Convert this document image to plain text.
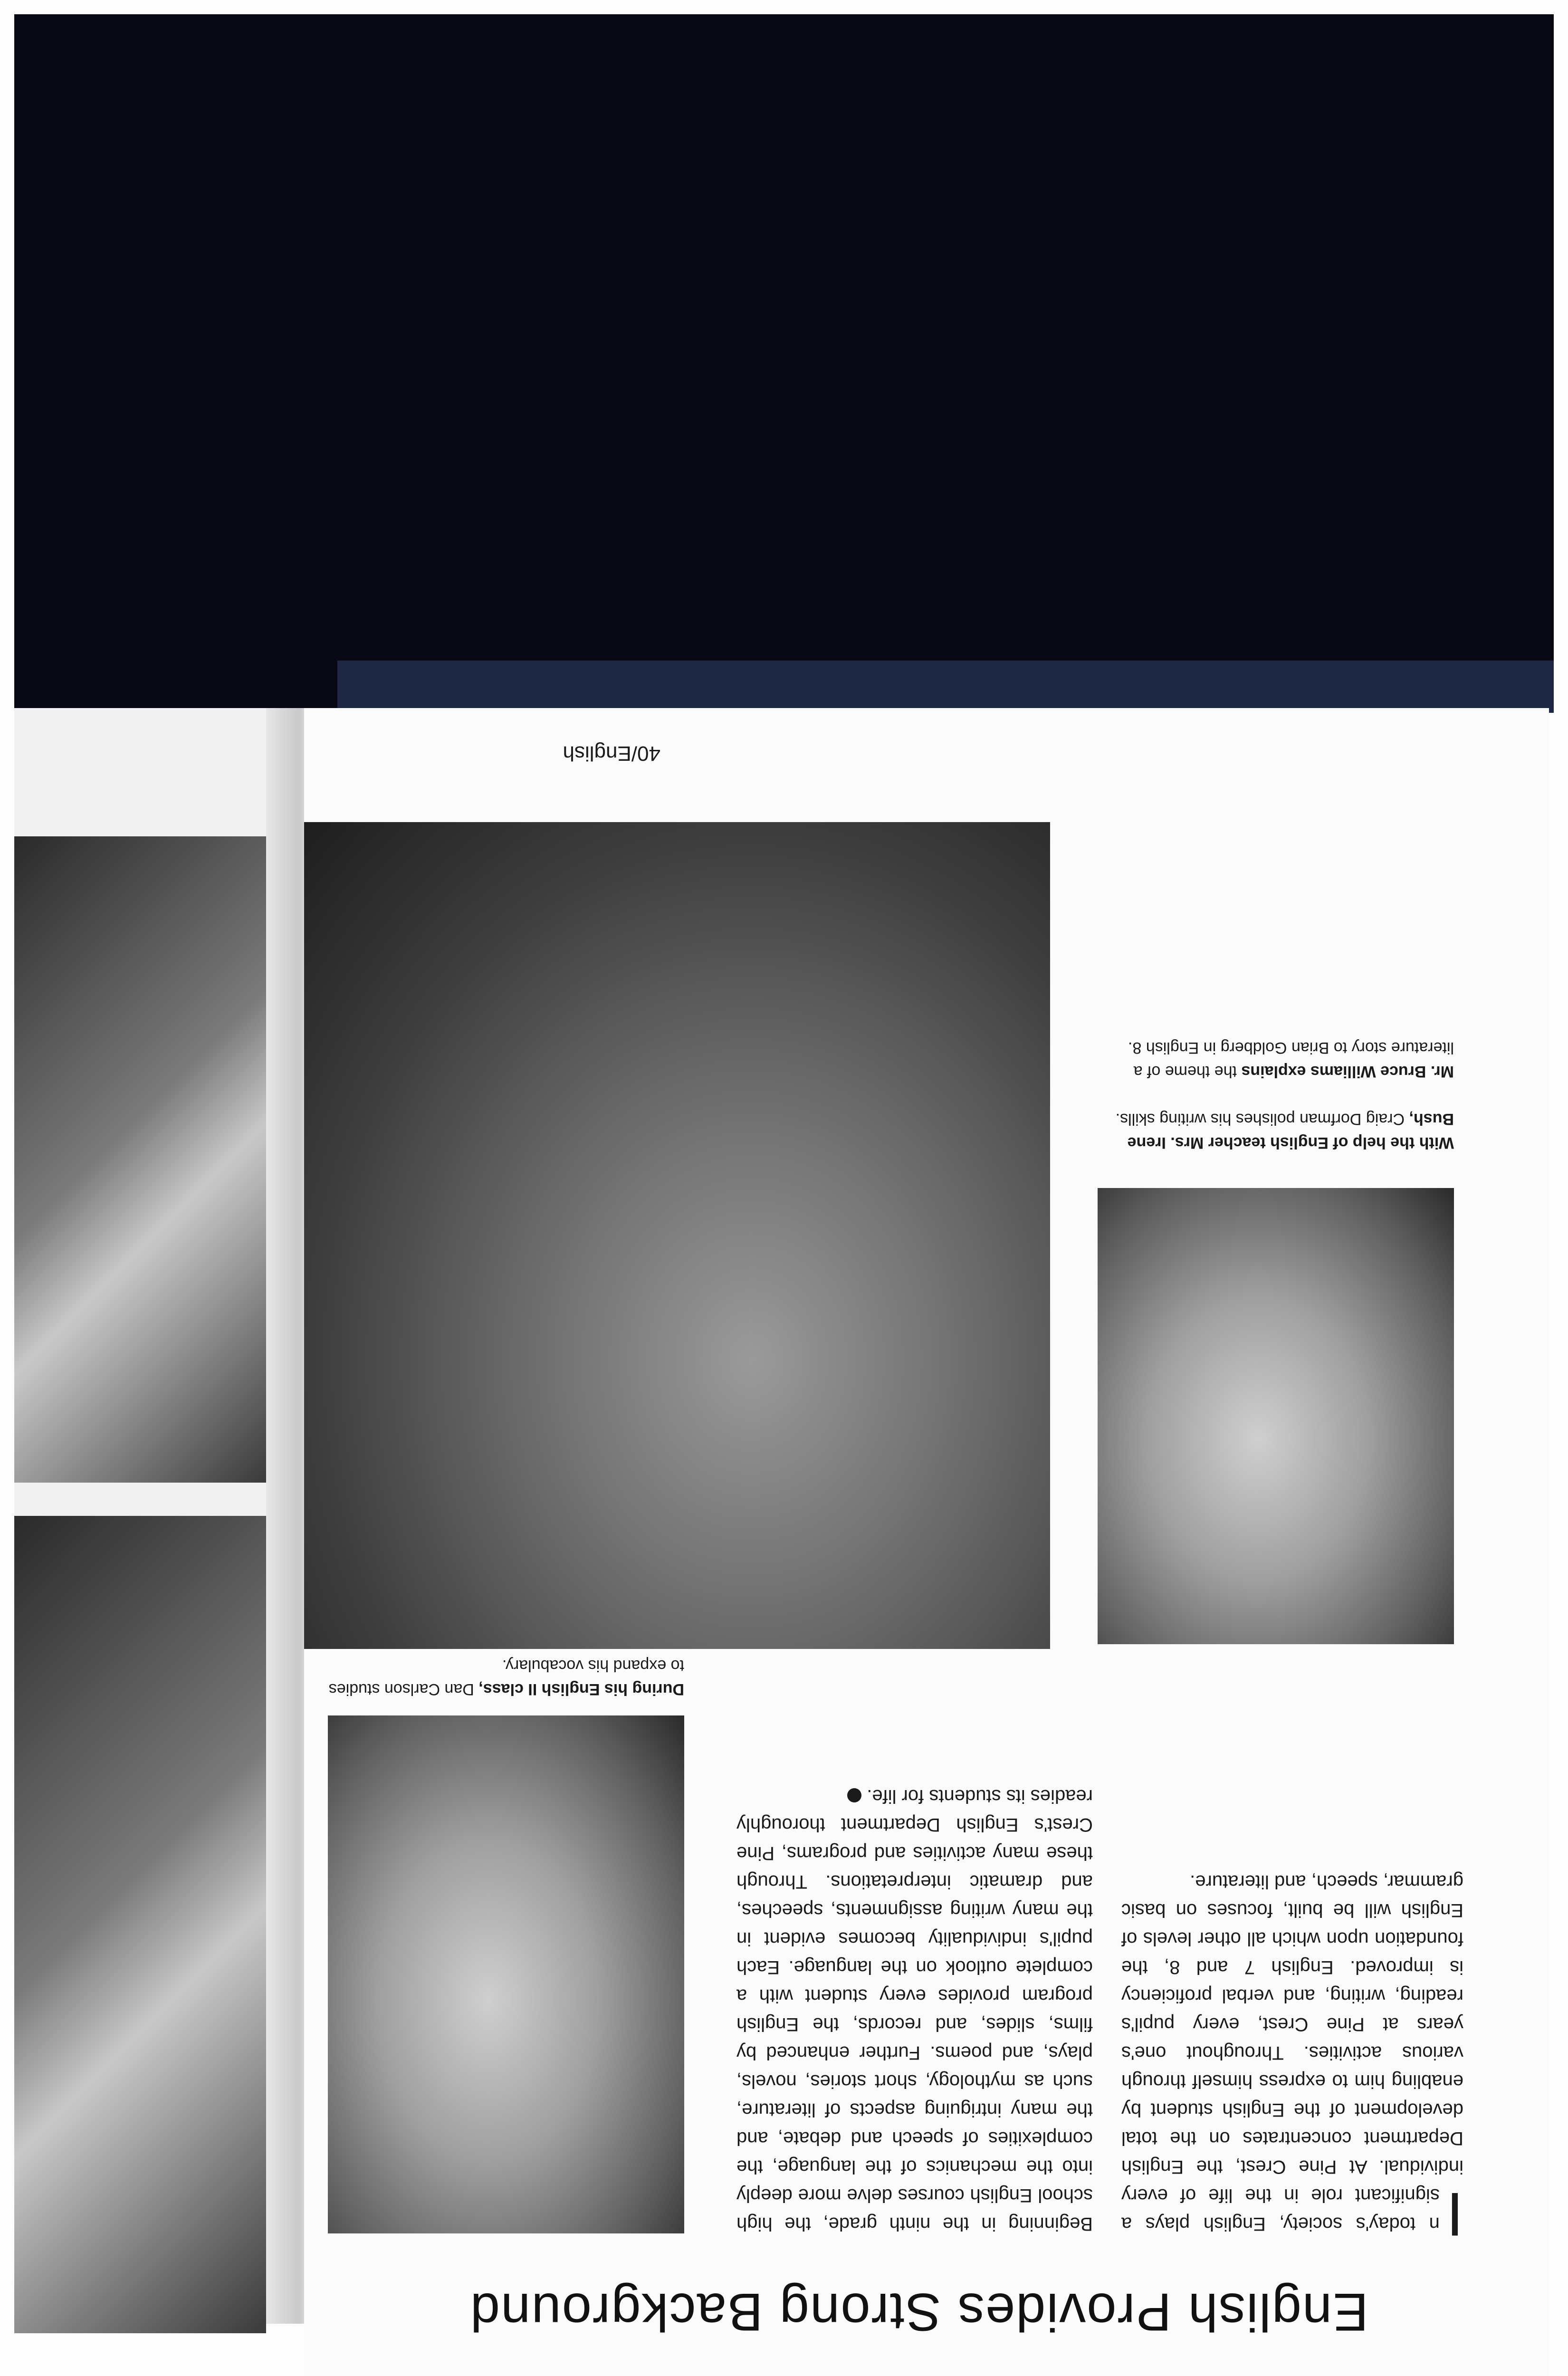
English Provides Strong Background

I
n today's society, English plays a significant role in the life of every individual. At Pine Crest, the English Department concentrates on the total development of the English student by enabling him to express himself through various activities. Throughout one's years at Pine Crest, every pupil's reading, writing, and verbal proficiency is improved. English 7 and 8, the foundation upon which all other levels of English will be built, focuses on basic grammar, speech, and literature.

Beginning in the ninth grade, the high school English courses delve more deeply into the mechanics of the language, the complexities of speech and debate, and the many intriguing aspects of literature, such as mythology, short stories, novels, plays, and poems. Further enhanced by films, slides, and records, the English program provides every student with a complete outlook on the language. Each pupil's individuality becomes evident in the many writing assignments, speeches, and dramatic interpretations. Through these many activities and programs, Pine Crest's English Department thoroughly readies its students for life.

During his English II class, Dan Carlson studies to expand his vocabulary.
With the help of English teacher Mrs. Irene Bush, Craig Dorfman polishes his writing skills.
Mr. Bruce Williams explains the theme of a literature story to Brian Goldberg in English 8.
40/English
